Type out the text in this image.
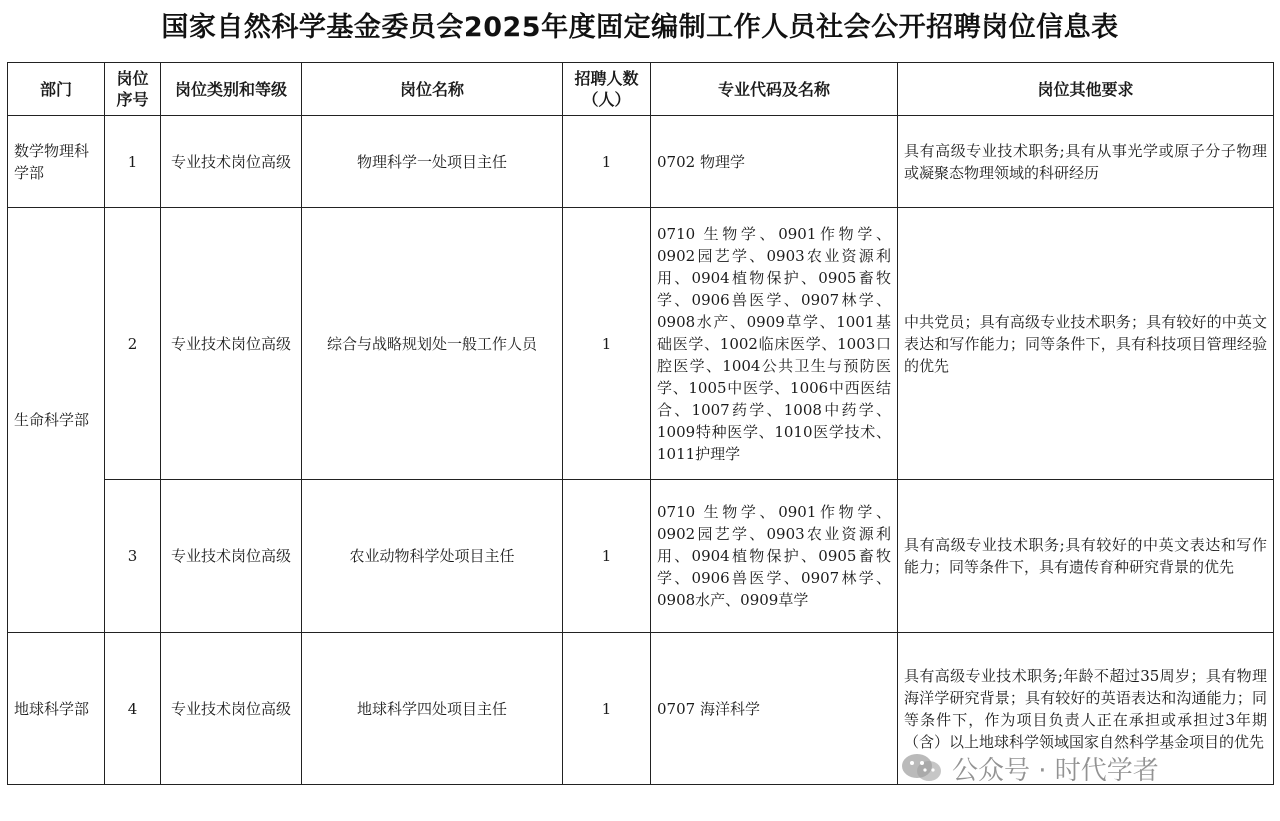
国家自然科学基金委员会2025年度固定编制工作人员社会公开招聘岗位信息表
部门	岗位序号	岗位类别和等级	岗位名称	招聘人数（人）	专业代码及名称	岗位其他要求
数学物理科学部	1	专业技术岗位高级	物理科学一处项目主任	1	0702 物理学	具有高级专业技术职务;具有从事光学或原子分子物理或凝聚态物理领域的科研经历
生命科学部	2	专业技术岗位高级	综合与战略规划处一般工作人员	1	0710 生物学、0901作物学、0902园艺学、0903农业资源利用、0904植物保护、0905畜牧学、0906兽医学、0907林学、0908水产、0909草学、1001基础医学、1002临床医学、1003口腔医学、1004公共卫生与预防医学、1005中医学、1006中西医结合、1007药学、1008中药学、1009特种医学、1010医学技术、1011护理学	中共党员；具有高级专业技术职务；具有较好的中英文表达和写作能力；同等条件下，具有科技项目管理经验的优先
	3	专业技术岗位高级	农业动物科学处项目主任	1	0710 生物学、0901作物学、0902园艺学、0903农业资源利用、0904植物保护、0905畜牧学、0906兽医学、0907林学、0908水产、0909草学	具有高级专业技术职务;具有较好的中英文表达和写作能力；同等条件下，具有遗传育种研究背景的优先
地球科学部	4	专业技术岗位高级	地球科学四处项目主任	1	0707 海洋科学	具有高级专业技术职务;年龄不超过35周岁；具有物理海洋学研究背景；具有较好的英语表达和沟通能力；同等条件下，作为项目负责人正在承担或承担过3年期（含）以上地球科学领域国家自然科学基金项目的优先
公众号 · 时代学者
